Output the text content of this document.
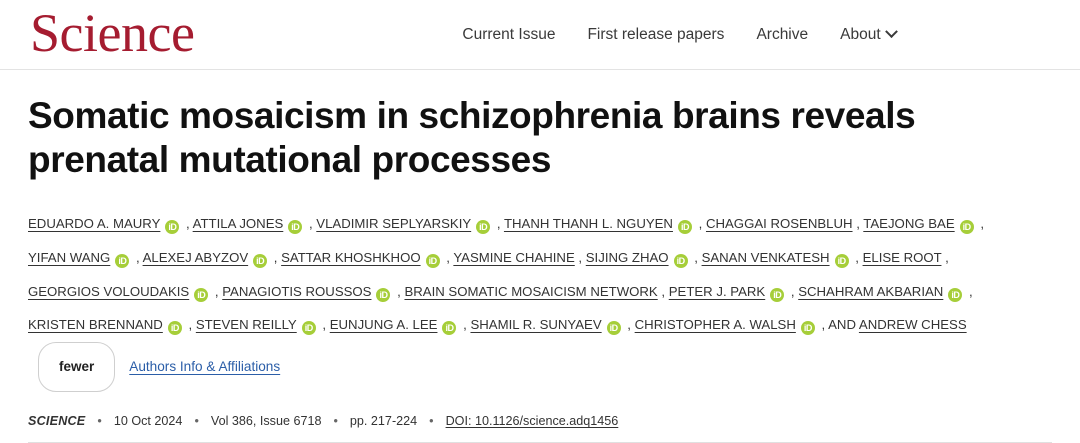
Science	Current Issue First release papers Archive About
Somatic mosaicism in schizophrenia brains reveals prenatal mutational processes
EDUARDO A. MAURY iD , ATTILA JONES iD , VLADIMIR SEPLYARSKIY iD , THANH THANH L. NGUYEN iD , CHAGGAI ROSENBLUH , TAEJONG BAE iD , YIFAN WANG iD , ALEXEJ ABYZOV iD , SATTAR KHOSHKHOO iD , YASMINE CHAHINE , SIJING ZHAO iD , SANAN VENKATESH iD , ELISE ROOT , GEORGIOS VOLOUDAKIS iD , PANAGIOTIS ROUSSOS iD , BRAIN SOMATIC MOSAICISM NETWORK , PETER J. PARK iD , SCHAHRAM AKBARIAN iD , KRISTEN BRENNAND iD , STEVEN REILLY iD , EUNJUNG A. LEE iD , SHAMIL R. SUNYAEV iD , CHRISTOPHER A. WALSH iD , AND ANDREW CHESS fewer	Authors Info & Affiliations
SCIENCE • 10 Oct 2024 • Vol 386, Issue 6718 • pp. 217-224 • DOI: 10.1126/science.adq1456
